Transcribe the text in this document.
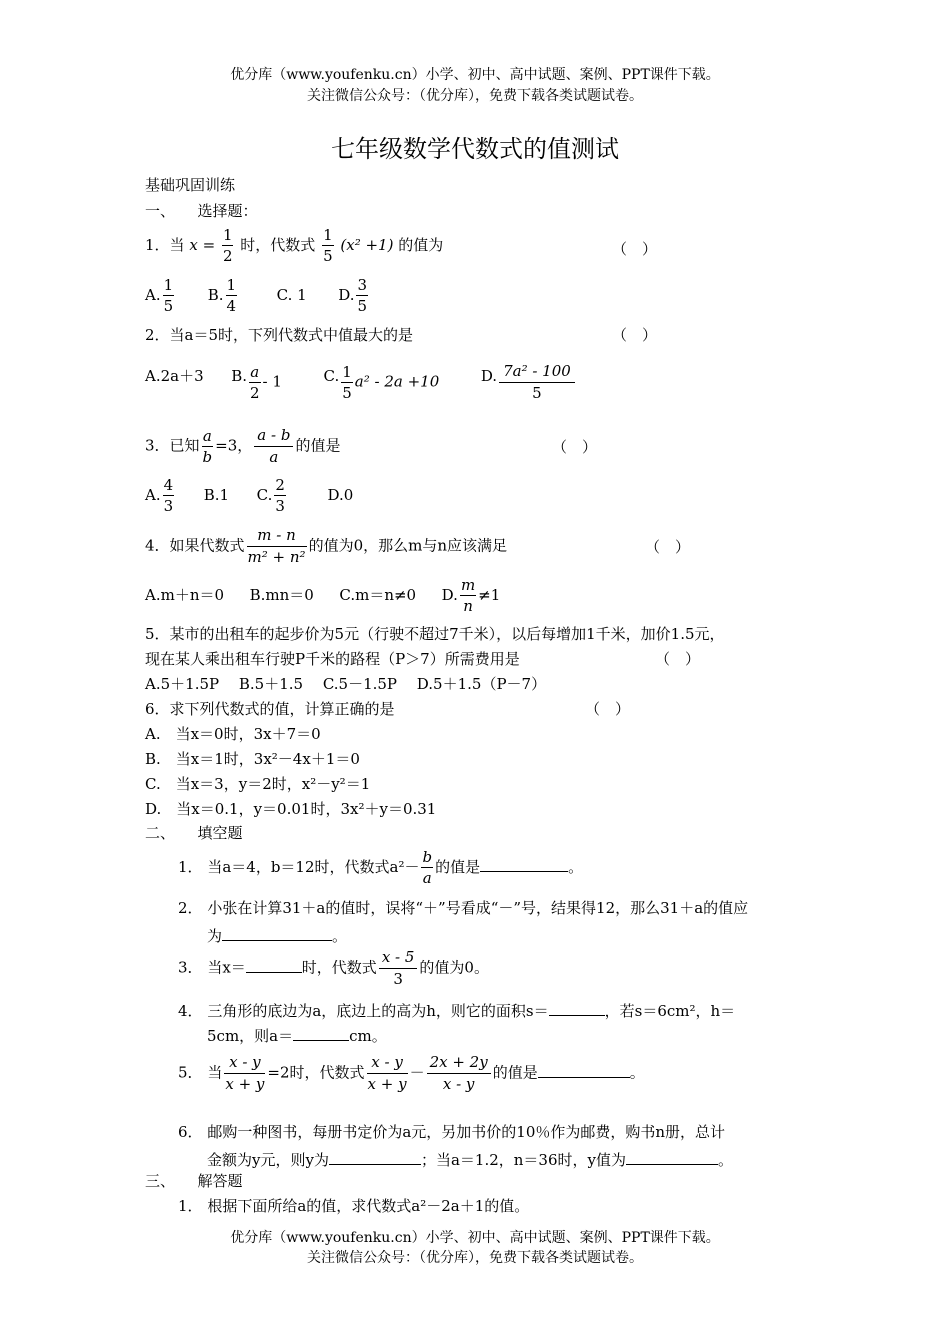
优分库（www.youfenku.cn）小学、初中、高中试题、案例、PPT课件下载。
关注微信公众号：（优分库），免费下载各类试题试卷。
七年级数学代数式的值测试
基础巩固训练
一、　　选择题：
1．当 $x = \frac{1}{2}$ 时，代数式 $\frac{1}{5} (x^2 +1)$ 的值为	（　）
A. $\frac{1}{5} B$. $\frac{1}{4}$	C. 1 D. $\frac{3}{5}$
2．当a＝5时，下列代数式中值最大的是	（　）
A.2a＋3 B. $\frac{a}{2} - 1$	C. $\frac{1}{5} a^2 - 2a +10$	D. $\frac{\text{7a² - 100}}{5}$
3．已知 $\frac{a}{b} =3$， $\frac{a - b}{a}$ 的值是	（　）
A. $\frac{4}{3} B.1$ C. $\frac{2}{3}$	D.0
4．如果代数式 $\frac{m - n}{\text{m² + n²}}$ 的值为0，那么m与n应该满足	（　）
A.m＋n＝0 B.mn＝0 C.m＝n≠0 D. $\frac{m}{n} \ne 1$
5．某市的出租车的起步价为5元（行驶不超过7千米），以后每增加1千米，加价1.5元，
现在某人乘出租车行驶P千米的路程（P＞7）所需费用是	（　）
A.5＋1.5P　 B.5＋1.5　 C.5－1.5P　 D.5＋1.5（P－7）
6．求下列代数式的值，计算正确的是	（　）
A.　当x＝0时，3x＋7＝0
B.　当x＝1时，3x²－4x＋1＝0
C.　当x＝3，y＝2时，x²－y²＝1
D.　当x＝0.1，y＝0.01时，3x²＋y＝0.31
二、　　填空题
1． 当a＝4，b＝12时，代数式$a^2- \frac{b}{a}$ 的值是	。
2． 小张在计算31＋a的值时，误将“＋”号看成“－”号，结果得12，那么31＋a的值应
为	。
3． 当x＝	时，代数式 $\frac{x - 5}{3}$ 的值为0。
4． 三角形的底边为a，底边上的高为h，则它的面积s＝	，若s＝6cm²，h＝
5cm，则a＝	cm。
5． 当 $\frac{x - y}{x + y} =2$时，代数式 $\frac{x - y}{x + y} - \frac{2x + 2y}{x - y}$ 的值是	。
6． 邮购一种图书，每册书定价为a元，另加书价的10％作为邮费，购书n册，总计
金额为y元，则y为	；当a＝1.2，n＝36时，y值为	。
三、　　解答题
1． 根据下面所给a的值，求代数式a²－2a＋1的值。
优分库（www.youfenku.cn）小学、初中、高中试题、案例、PPT课件下载。
关注微信公众号：（优分库），免费下载各类试题试卷。
